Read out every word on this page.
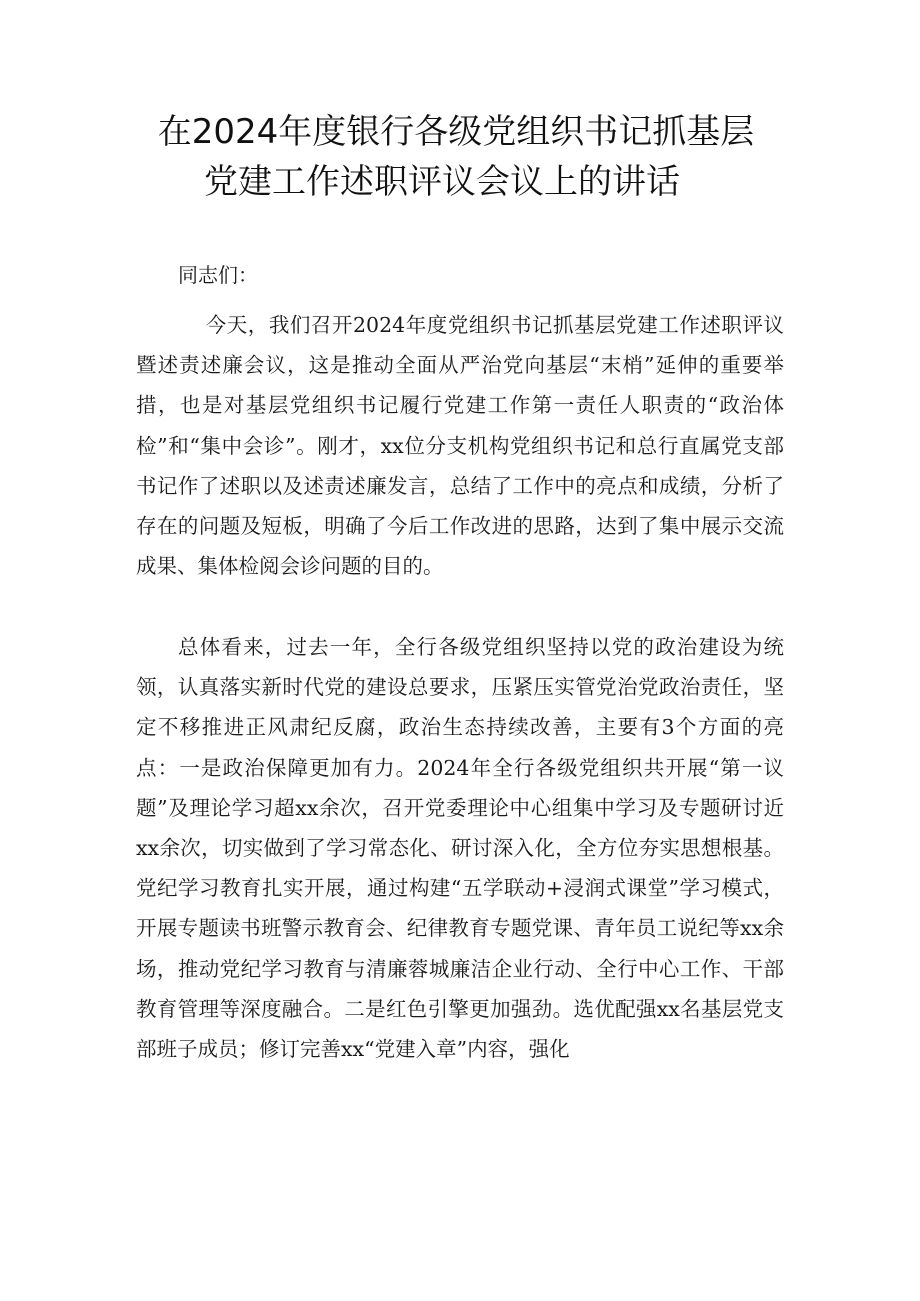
在2024年度银行各级党组织书记抓基层
党建工作述职评议会议上的讲话
同志们：

今天，我们召开2024年度党组织书记抓基层党建工作述职评议暨述责述廉会议，这是推动全面从严治党向基层“末梢”延伸的重要举措，也是对基层党组织书记履行党建工作第一责任人职责的“政治体检”和“集中会诊”。刚才，xx位分支机构党组织书记和总行直属党支部书记作了述职以及述责述廉发言，总结了工作中的亮点和成绩，分析了存在的问题及短板，明确了今后工作改进的思路，达到了集中展示交流成果、集体检阅会诊问题的目的。

总体看来，过去一年，全行各级党组织坚持以党的政治建设为统领，认真落实新时代党的建设总要求，压紧压实管党治党政治责任，坚定不移推进正风肃纪反腐，政治生态持续改善，主要有3个方面的亮点：一是政治保障更加有力。2024年全行各级党组织共开展“第一议题”及理论学习超xx余次，召开党委理论中心组集中学习及专题研讨近xx余次，切实做到了学习常态化、研讨深入化，全方位夯实思想根基。党纪学习教育扎实开展，通过构建“五学联动+浸润式课堂”学习模式，开展专题读书班警示教育会、纪律教育专题党课、青年员工说纪等xx余场，推动党纪学习教育与清廉蓉城廉洁企业行动、全行中心工作、干部教育管理等深度融合。二是红色引擎更加强劲。选优配强xx名基层党支部班子成员；修订完善xx“党建入章”内容，强化
